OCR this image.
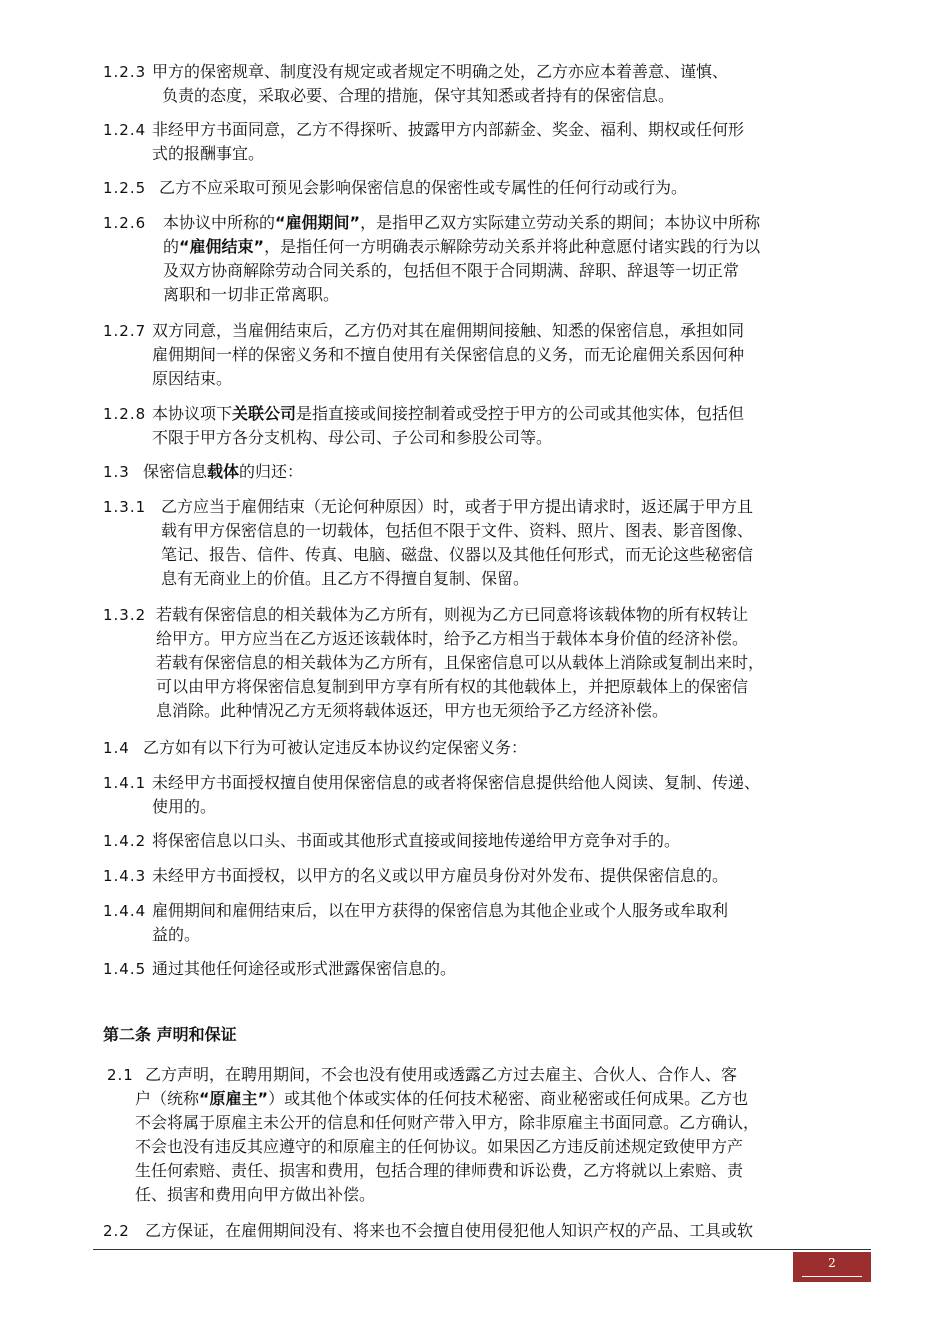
1.2.3 甲方的保密规章、制度没有规定或者规定不明确之处，乙方亦应本着善意、谨慎、
负责的态度，采取必要、合理的措施，保守其知悉或者持有的保密信息。
1.2.4 非经甲方书面同意，乙方不得探听、披露甲方内部薪金、奖金、福利、期权或任何形
式的报酬事宜。
1.2.5 乙方不应采取可预见会影响保密信息的保密性或专属性的任何行动或行为。
1.2.6 本协议中所称的“雇佣期间”，是指甲乙双方实际建立劳动关系的期间；本协议中所称
的“雇佣结束”，是指任何一方明确表示解除劳动关系并将此种意愿付诸实践的行为以
及双方协商解除劳动合同关系的，包括但不限于合同期满、辞职、辞退等一切正常
离职和一切非正常离职。
1.2.7 双方同意，当雇佣结束后，乙方仍对其在雇佣期间接触、知悉的保密信息，承担如同
雇佣期间一样的保密义务和不擅自使用有关保密信息的义务，而无论雇佣关系因何种
原因结束。
1.2.8 本协议项下关联公司是指直接或间接控制着或受控于甲方的公司或其他实体，包括但
不限于甲方各分支机构、母公司、子公司和参股公司等。
1.3 保密信息载体的归还：
1.3.1 乙方应当于雇佣结束（无论何种原因）时，或者于甲方提出请求时，返还属于甲方且
载有甲方保密信息的一切载体，包括但不限于文件、资料、照片、图表、影音图像、
笔记、报告、信件、传真、电脑、磁盘、仪器以及其他任何形式，而无论这些秘密信
息有无商业上的价值。且乙方不得擅自复制、保留。
1.3.2 若载有保密信息的相关载体为乙方所有，则视为乙方已同意将该载体物的所有权转让
给甲方。甲方应当在乙方返还该载体时，给予乙方相当于载体本身价值的经济补偿。
若载有保密信息的相关载体为乙方所有，且保密信息可以从载体上消除或复制出来时，
可以由甲方将保密信息复制到甲方享有所有权的其他载体上，并把原载体上的保密信
息消除。此种情况乙方无须将载体返还，甲方也无须给予乙方经济补偿。
1.4 乙方如有以下行为可被认定违反本协议约定保密义务：
1.4.1 未经甲方书面授权擅自使用保密信息的或者将保密信息提供给他人阅读、复制、传递、
使用的。
1.4.2 将保密信息以口头、书面或其他形式直接或间接地传递给甲方竞争对手的。
1.4.3 未经甲方书面授权，以甲方的名义或以甲方雇员身份对外发布、提供保密信息的。
1.4.4 雇佣期间和雇佣结束后，以在甲方获得的保密信息为其他企业或个人服务或牟取利
益的。
1.4.5 通过其他任何途径或形式泄露保密信息的。
第二条 声明和保证
2.1 乙方声明，在聘用期间，不会也没有使用或透露乙方过去雇主、合伙人、合作人、客
户（统称“原雇主”）或其他个体或实体的任何技术秘密、商业秘密或任何成果。乙方也
不会将属于原雇主未公开的信息和任何财产带入甲方，除非原雇主书面同意。乙方确认，
不会也没有违反其应遵守的和原雇主的任何协议。如果因乙方违反前述规定致使甲方产
生任何索赔、责任、损害和费用，包括合理的律师费和诉讼费，乙方将就以上索赔、责
任、损害和费用向甲方做出补偿。
2.2 乙方保证，在雇佣期间没有、将来也不会擅自使用侵犯他人知识产权的产品、工具或软
2
